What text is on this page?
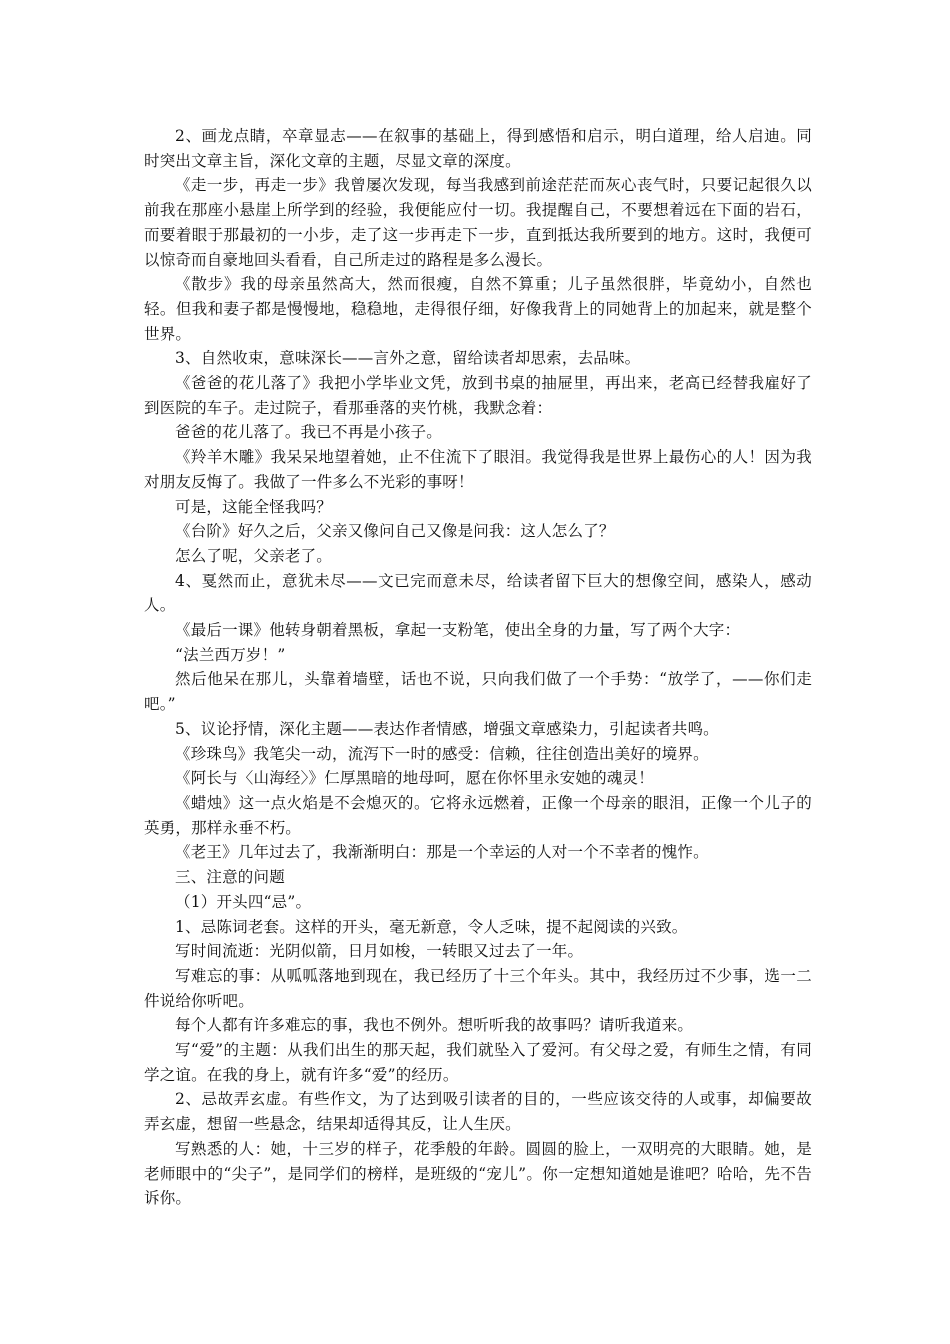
2、画龙点睛，卒章显志——在叙事的基础上，得到感悟和启示，明白道理，给人启迪。同时突出文章主旨，深化文章的主题，尽显文章的深度。

《走一步，再走一步》我曾屡次发现，每当我感到前途茫茫而灰心丧气时，只要记起很久以前我在那座小悬崖上所学到的经验，我便能应付一切。我提醒自己，不要想着远在下面的岩石，而要着眼于那最初的一小步，走了这一步再走下一步，直到抵达我所要到的地方。这时，我便可以惊奇而自豪地回头看看，自己所走过的路程是多么漫长。

《散步》我的母亲虽然高大，然而很瘦，自然不算重；儿子虽然很胖，毕竟幼小，自然也轻。但我和妻子都是慢慢地，稳稳地，走得很仔细，好像我背上的同她背上的加起来，就是整个世界。

3、自然收束，意味深长——言外之意，留给读者却思索，去品味。

《爸爸的花儿落了》我把小学毕业文凭，放到书桌的抽屉里，再出来，老高已经替我雇好了到医院的车子。走过院子，看那垂落的夹竹桃，我默念着：

爸爸的花儿落了。我已不再是小孩子。

《羚羊木雕》我呆呆地望着她，止不住流下了眼泪。我觉得我是世界上最伤心的人！因为我对朋友反悔了。我做了一件多么不光彩的事呀！

可是，这能全怪我吗？

《台阶》好久之后，父亲又像问自己又像是问我：这人怎么了？

怎么了呢，父亲老了。

4、戛然而止，意犹未尽——文已完而意未尽，给读者留下巨大的想像空间，感染人，感动人。

《最后一课》他转身朝着黑板，拿起一支粉笔，使出全身的力量，写了两个大字：

“法兰西万岁！”

然后他呆在那儿，头靠着墙壁，话也不说，只向我们做了一个手势：“放学了，——你们走吧。”

5、议论抒情，深化主题——表达作者情感，增强文章感染力，引起读者共鸣。

《珍珠鸟》我笔尖一动，流泻下一时的感受：信赖，往往创造出美好的境界。

《阿长与〈山海经〉》仁厚黑暗的地母呵，愿在你怀里永安她的魂灵！

《蜡烛》这一点火焰是不会熄灭的。它将永远燃着，正像一个母亲的眼泪，正像一个儿子的英勇，那样永垂不朽。

《老王》几年过去了，我渐渐明白：那是一个幸运的人对一个不幸者的愧怍。

三、注意的问题

（1）开头四“忌”。

1、忌陈词老套。这样的开头，毫无新意，令人乏味，提不起阅读的兴致。

写时间流逝：光阴似箭，日月如梭，一转眼又过去了一年。

写难忘的事：从呱呱落地到现在，我已经历了十三个年头。其中，我经历过不少事，选一二件说给你听吧。

每个人都有许多难忘的事，我也不例外。想听听我的故事吗？请听我道来。

写“爱”的主题：从我们出生的那天起，我们就坠入了爱河。有父母之爱，有师生之情，有同学之谊。在我的身上，就有许多“爱”的经历。

2、忌故弄玄虚。有些作文，为了达到吸引读者的目的，一些应该交待的人或事，却偏要故弄玄虚，想留一些悬念，结果却适得其反，让人生厌。

写熟悉的人：她，十三岁的样子，花季般的年龄。圆圆的脸上，一双明亮的大眼睛。她，是老师眼中的“尖子”，是同学们的榜样，是班级的“宠儿”。你一定想知道她是谁吧？哈哈，先不告诉你。
